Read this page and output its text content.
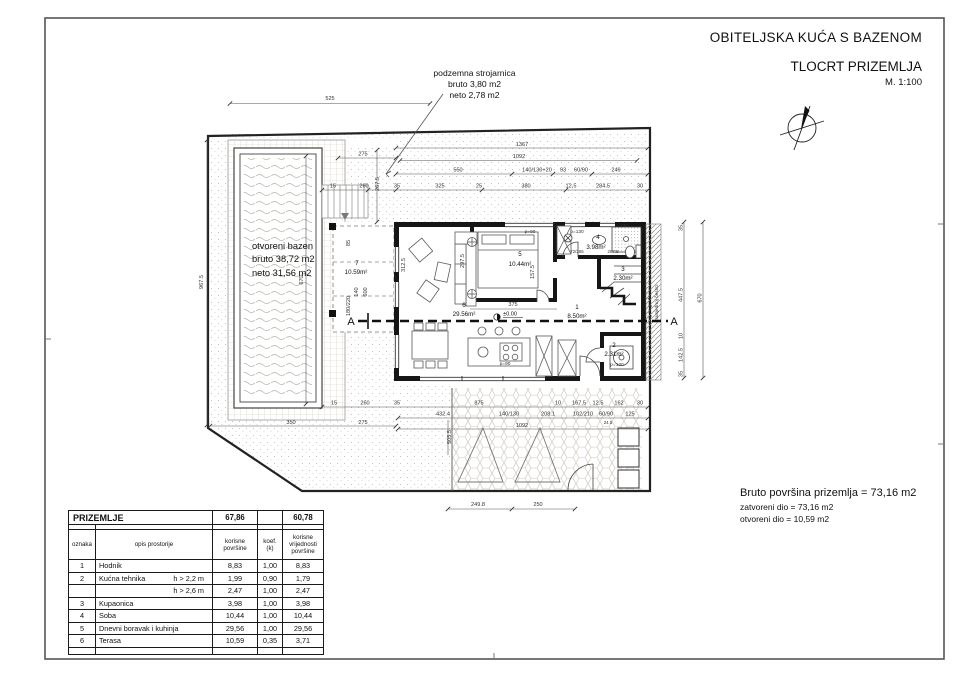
spoj na građevinu na susjednoj čestici
525
1367
1092
550	140/130+20 93 60/90	249
35	325	25	380	12,5	284.5	30
15	260
275
267.5
967.5	670
85
180/220
140 600
312.5	297.5
157.5
375
130
207.5
72/265
35
447.5
10
142.5
35
670
15	260	35	875	10 167.5 12.5 162 30
432.4	140/130	208.1	102/210 60/90 125
350	275	1092
24.5
505.5
249.8	250
1
8.50m²
2
2.31m²
3
2.30m²
4
3.98m²
5
10.44m²
6
29.56m²
7
10.59m²
p=90
p=90
p=130
p=130
±0.00
A	A
OBITELJSKA KUĆA S BAZENOM
TLOCRT PRIZEMLJA
M. 1:100
podzemna strojarnica
bruto 3,80 m2
neto 2,78 m2
otvoreni bazen
bruto 38,72 m2
neto 31,56 m2
Bruto površina prizemlja = 73,16 m2
zatvoreni dio = 73,16 m2
otvoreni dio = 10,59 m2
PRIZEMLJE		67,86		60,78

oznaka	opis prostorije	korisne površine	koef. (k)	korisne vrijednosti površine
1	Hodnik	8,83	1,00	8,83
2	Kućna tehnika h > 2,2 m	1,99	0,90	1,79

	h > 2,6 m	2,47	1,00	2,47
3	Kupaonica	3,98	1,00	3,98
4	Soba	10,44	1,00	10,44
5	Dnevni boravak i kuhinja	29,56	1,00	29,56
6	Terasa	10,59	0,35	3,71
